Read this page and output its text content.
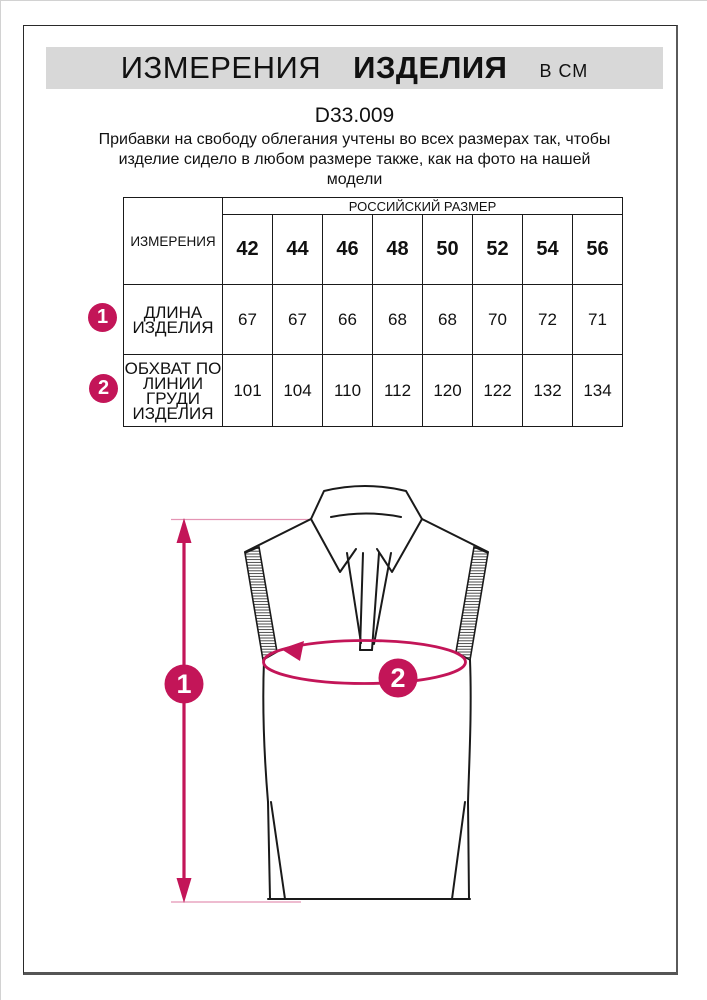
ИЗМЕРЕНИЯ ИЗДЕЛИЯ В СМ
D33.009
Прибавки на свободу облегания учтены во всех размерах так, чтобы
изделие сидело в любом размере также, как на фото на нашей
модели
ИЗМЕРЕНИЯ	РОССИЙСКИЙ РАЗМЕР							
	42	44	46	48	50	52	54	56
ДЛИНА ИЗДЕЛИЯ	67	67	66	68	68	70	72	71
ОБХВАТ ПО ЛИНИИ ГРУДИ ИЗДЕЛИЯ	101	104	110	112	120	122	132	134
1
2
1	2
